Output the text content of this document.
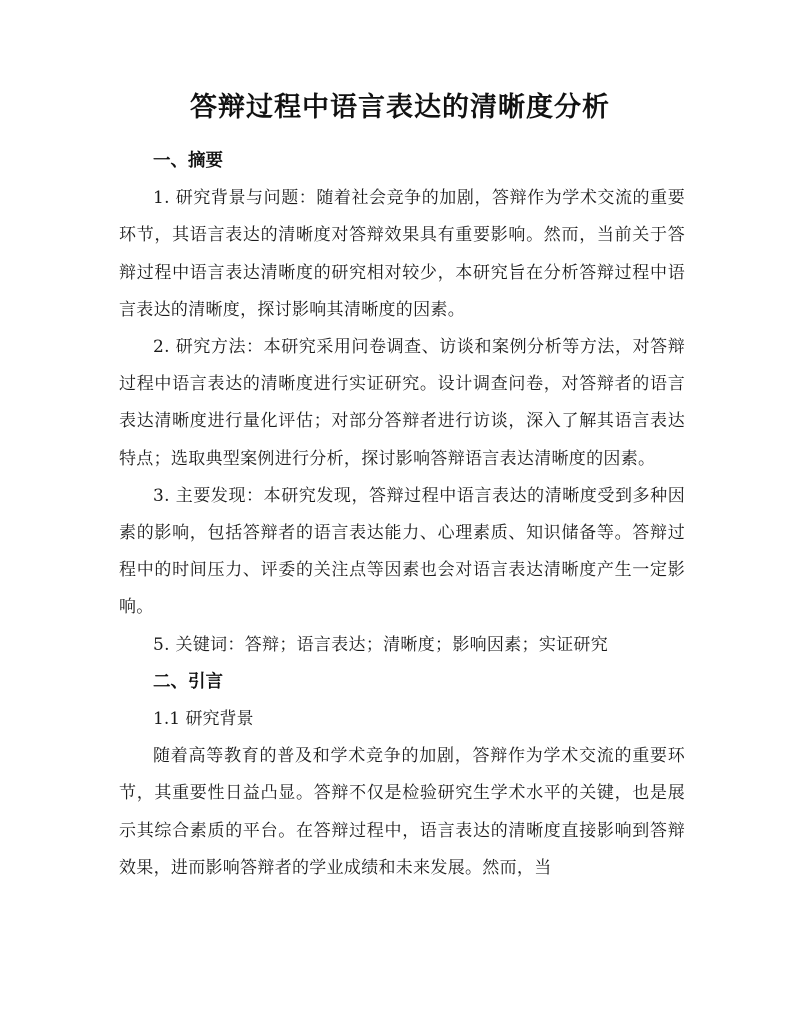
答辩过程中语言表达的清晰度分析

一、摘要

1. 研究背景与问题：随着社会竞争的加剧，答辩作为学术交流的重要环节，其语言表达的清晰度对答辩效果具有重要影响。然而，当前关于答辩过程中语言表达清晰度的研究相对较少，本研究旨在分析答辩过程中语言表达的清晰度，探讨影响其清晰度的因素。

2. 研究方法：本研究采用问卷调查、访谈和案例分析等方法，对答辩过程中语言表达的清晰度进行实证研究。设计调查问卷，对答辩者的语言表达清晰度进行量化评估；对部分答辩者进行访谈，深入了解其语言表达特点；选取典型案例进行分析，探讨影响答辩语言表达清晰度的因素。

3. 主要发现：本研究发现，答辩过程中语言表达的清晰度受到多种因素的影响，包括答辩者的语言表达能力、心理素质、知识储备等。答辩过程中的时间压力、评委的关注点等因素也会对语言表达清晰度产生一定影响。

5. 关键词：答辩；语言表达；清晰度；影响因素；实证研究

二、引言

1.1 研究背景

随着高等教育的普及和学术竞争的加剧，答辩作为学术交流的重要环节，其重要性日益凸显。答辩不仅是检验研究生学术水平的关键，也是展示其综合素质的平台。在答辩过程中，语言表达的清晰度直接影响到答辩效果，进而影响答辩者的学业成绩和未来发展。然而，当
